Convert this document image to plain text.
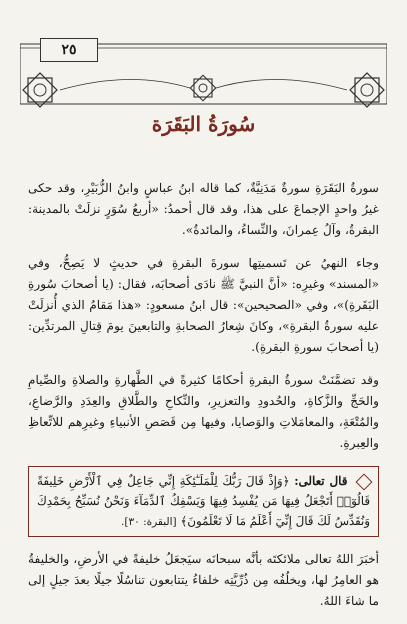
٢٥
سُورَةُ البَقَرَة

سورةُ البَقَرَةِ سورةٌ مَدَنِيَّةٌ، كما قاله ابنُ عباسٍ وابنُ الزُّبَيْرِ، وقد حكى غيرُ واحدٍ الإجماعَ على هذا، وقد قال أحمدُ: «أربعُ سُوَرٍ نزلَتْ بالمدينة: البقرةُ، وآلُ عِمرانَ، والنِّساءُ، والمائدةُ».

وجاء النهيُ عن تَسميتِها سورةَ البقرةِ في حديثٍ لا يَصِحُّ، وفي «المسند» وغيرِه: «أنَّ النبيَّ ﷺ نادَى أصحابَه، فقال: (يا أصحابَ سُورةِ البَقَرةِ)»، وفي «الصحيحين»: قال ابنُ مسعودٍ: «هذا مَقامُ الذي أُنزلَتْ عليه سورةُ البقرةِ»، وكانَ شِعارُ الصحابةِ والتابعينَ يومَ قِتالِ المرتدِّين: (يا أصحابَ سورةِ البقرةِ).

وقد تضمَّنَتْ سورةُ البقرةِ أحكامًا كثيرةً في الطَّهارةِ والصلاةِ والصِّيامِ والحَجِّ والزَّكاةِ، والحُدودِ والتعزيرِ، والنِّكاحِ والطَّلاقِ والعِدَدِ والرَّضاعِ، والمُتْعَةِ، والمعامَلاتِ والوَصايا، وفيها مِن قَصَصِ الأنبياءِ وغيرِهم للاتِّعاظِ والعِبرةِ.

قال تعالى: ﴿وَإِذْ قَالَ رَبُّكَ لِلْمَلَـٰٓئِكَةِ إِنِّي جَاعِلٌ فِي ٱلْأَرْضِ خَلِيفَةً قَالُوٓا۟ أَتَجْعَلُ فِيهَا مَن يُفْسِدُ فِيهَا وَيَسْفِكُ ٱلدِّمَآءَ وَنَحْنُ نُسَبِّحُ بِحَمْدِكَ وَنُقَدِّسُ لَكَ قَالَ إِنِّيٓ أَعْلَمُ مَا لَا تَعْلَمُونَ﴾ [البقرة: ٣٠].

أخبَرَ اللهُ تعالى ملائكتَه بأنَّه سبحانَه سيَجعَلُ خليفةً في الأرضِ، والخليفةُ هو العامِرُ لها، ويخلُفُه مِن ذُرِّيَّتِه خلفاءُ يتتابعون تناسُلًا جيلًا بعدَ جيلٍ إلى ما شاءَ اللهُ.
